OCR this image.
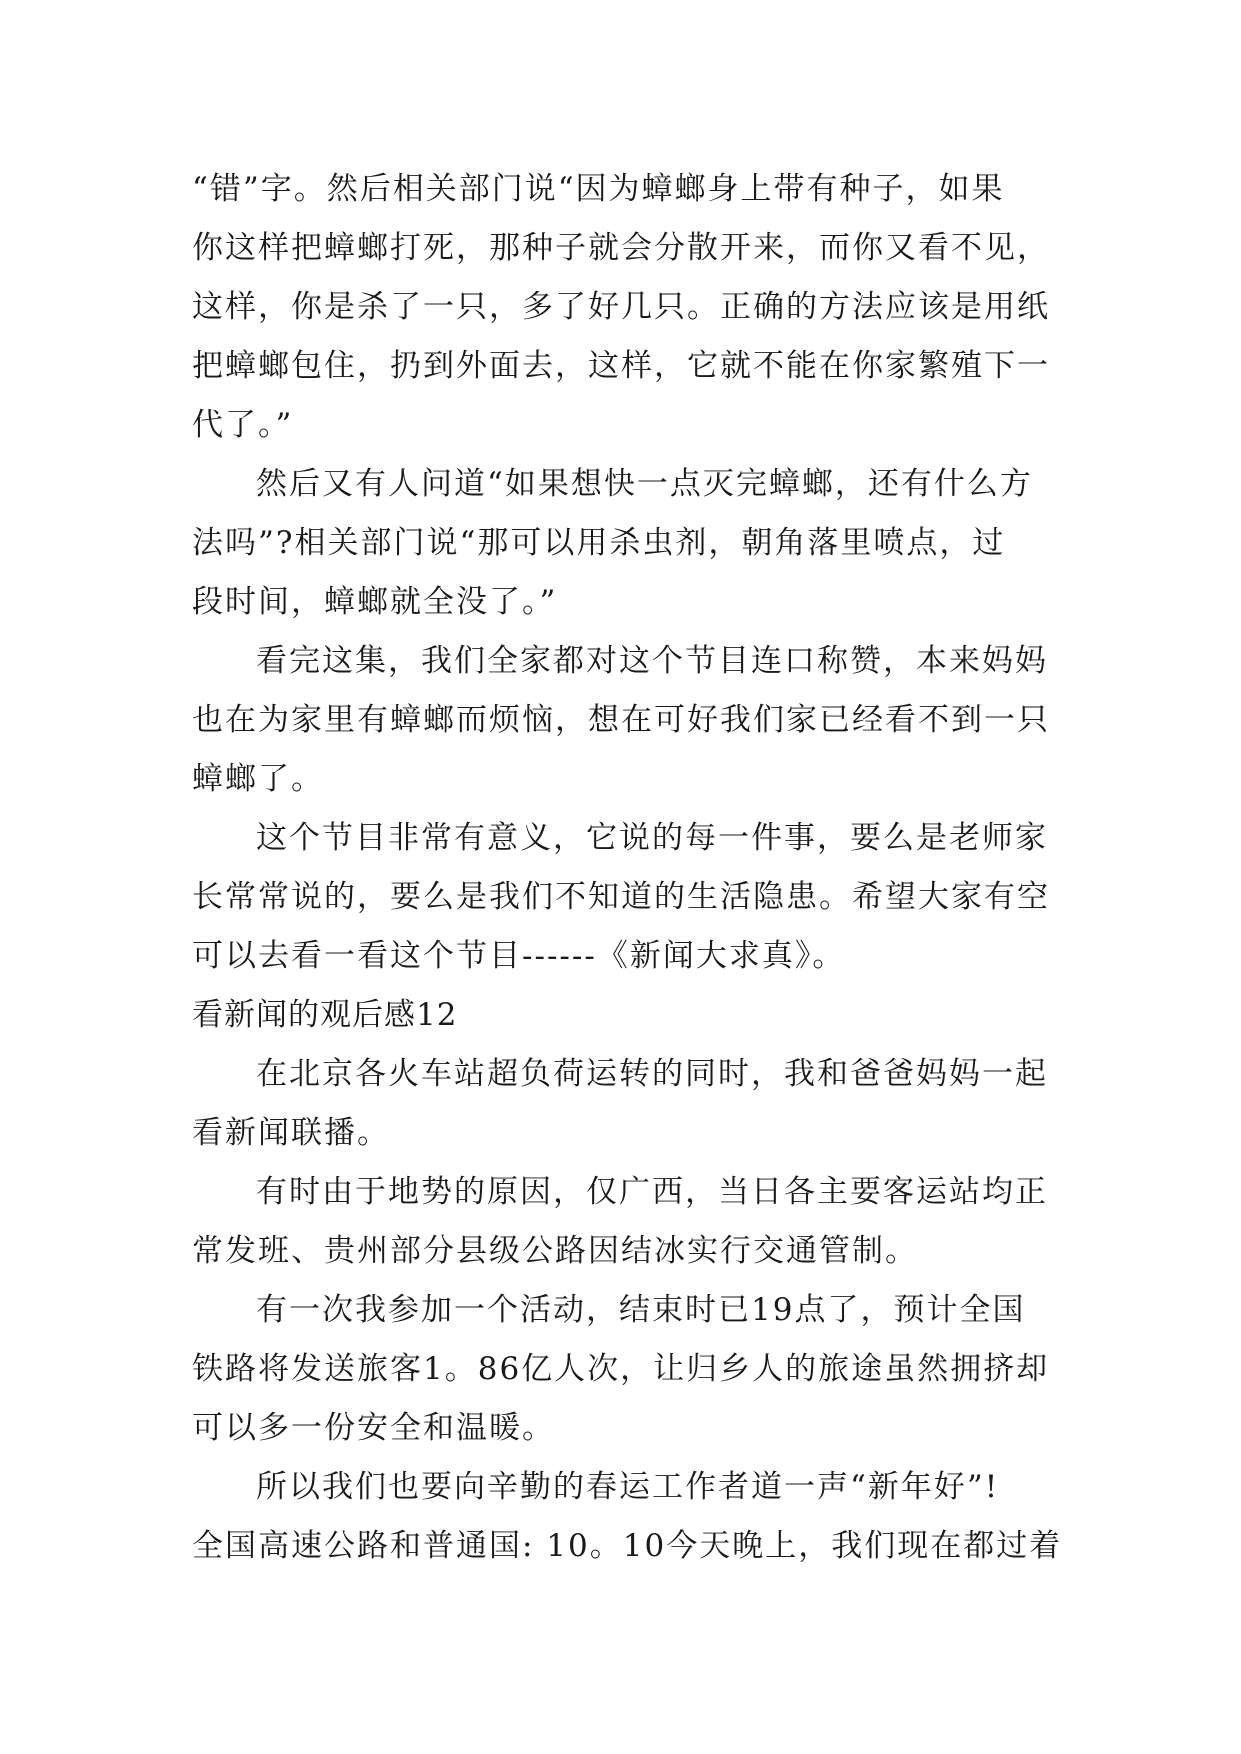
“错”字。然后相关部门说“因为蟑螂身上带有种子，如果
你这样把蟑螂打死，那种子就会分散开来，而你又看不见，
这样，你是杀了一只，多了好几只。正确的方法应该是用纸
把蟑螂包住，扔到外面去，这样，它就不能在你家繁殖下一
代了。”

然后又有人问道“如果想快一点灭完蟑螂，还有什么方
法吗”?相关部门说“那可以用杀虫剂，朝角落里喷点，过
段时间，蟑螂就全没了。”

看完这集，我们全家都对这个节目连口称赞，本来妈妈
也在为家里有蟑螂而烦恼，想在可好我们家已经看不到一只
蟑螂了。

这个节目非常有意义，它说的每一件事，要么是老师家
长常常说的，要么是我们不知道的生活隐患。希望大家有空
可以去看一看这个节目------《新闻大求真》。

看新闻的观后感12

在北京各火车站超负荷运转的同时，我和爸爸妈妈一起
看新闻联播。

有时由于地势的原因，仅广西，当日各主要客运站均正
常发班、贵州部分县级公路因结冰实行交通管制。

有一次我参加一个活动，结束时已19点了，预计全国
铁路将发送旅客1。86亿人次，让归乡人的旅途虽然拥挤却
可以多一份安全和温暖。

所以我们也要向辛勤的春运工作者道一声“新年好”!
全国高速公路和普通国: 10。10今天晚上，我们现在都过着
